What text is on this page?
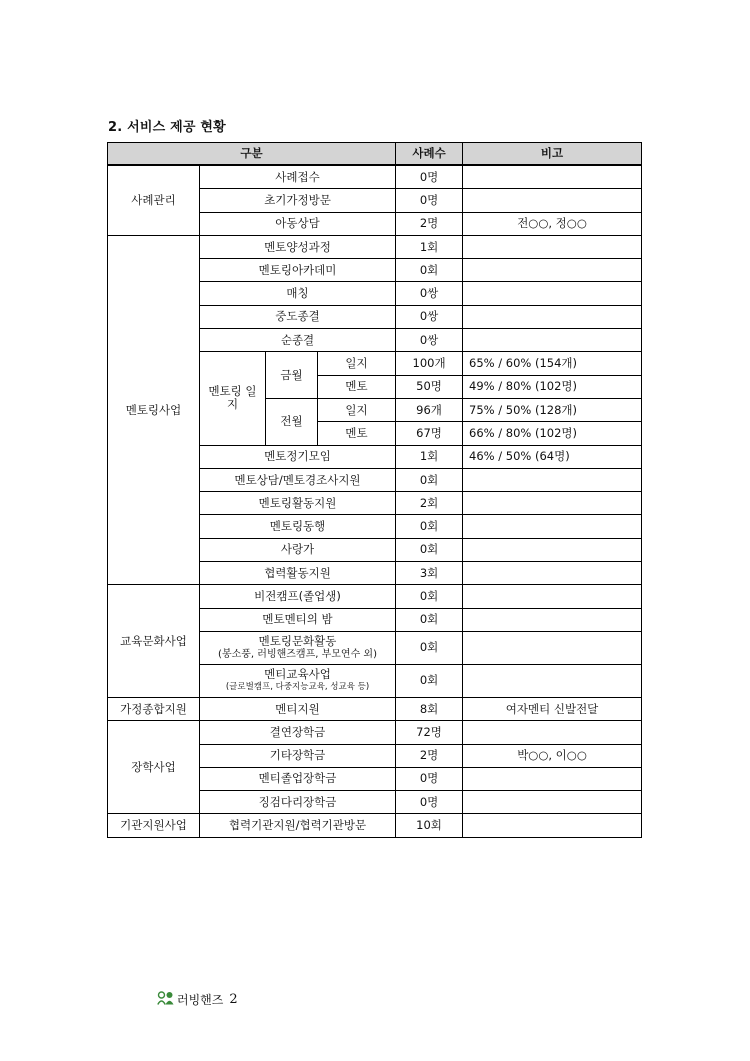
2. 서비스 제공 현황
구분				사례수	비고
사례관리	사례접수			0명	
	초기가정방문			0명	
	아동상담			2명	전○○, 정○○
멘토링사업	멘토양성과정			1회	
	멘토링아카데미			0회	
	매칭			0쌍	
	중도종결			0쌍	
	순종결			0쌍	
	멘토링 일지	금월	일지	100개	65% / 60% (154개)
			멘토	50명	49% / 80% (102명)
		전월	일지	96개	75% / 50% (128개)
			멘토	67명	66% / 80% (102명)
	멘토정기모임			1회	46% / 50% (64명)
	멘토상담/멘토경조사지원			0회	
	멘토링활동지원			2회	
	멘토링동행			0회	
	사랑가			0회	
	협력활동지원			3회	
교육문화사업	비전캠프(졸업생)			0회	
	멘토멘티의 밤			0회	

	멘토링문화활동
(봉소풍, 러빙핸즈캠프, 부모연수 외)			0회	

	멘티교육사업
(글로벌캠프, 다중지능교육, 성교육 등)			0회	
가정종합지원	멘티지원			8회	여자멘티 신발전달
장학사업	결연장학금			72명	
	기타장학금			2명	박○○, 이○○
	멘티졸업장학금			0명	
	징검다리장학금			0명	
기관지원사업	협력기관지원/협력기관방문			10회	
러빙핸즈 2
